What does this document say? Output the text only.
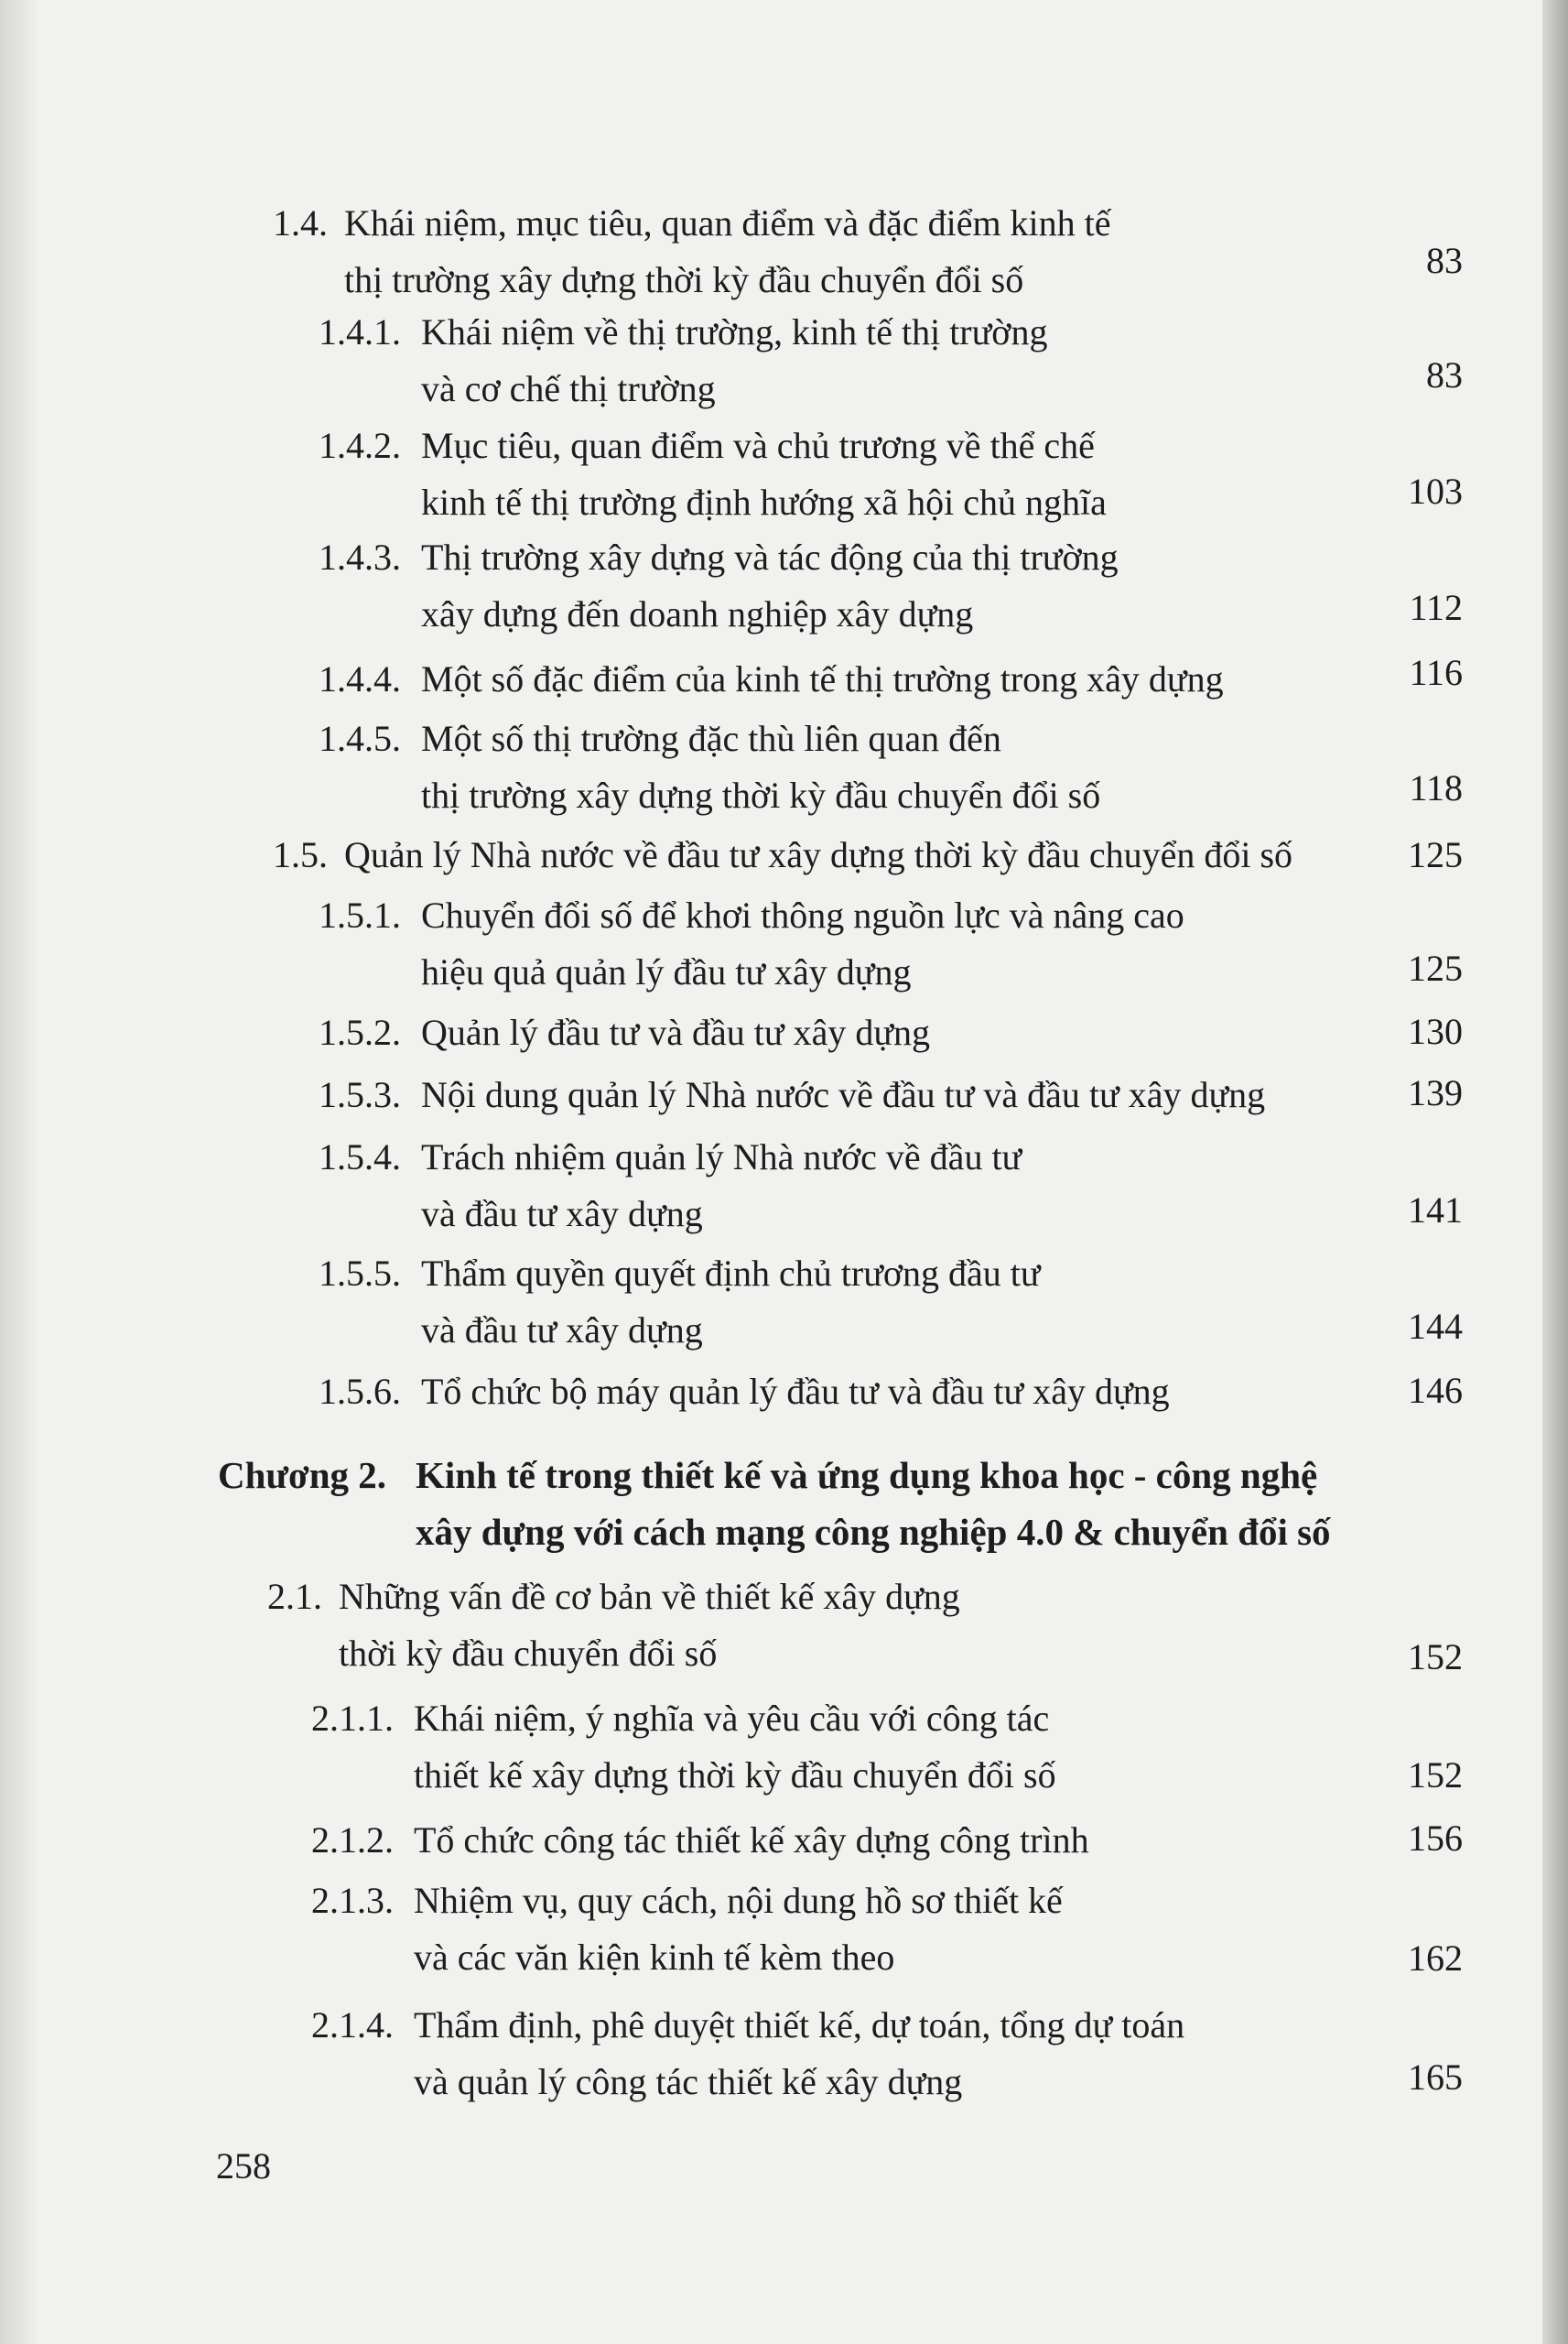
1.4. Khái niệm, mục tiêu, quan điểm và đặc điểm kinh tế
thị trường xây dựng thời kỳ đầu chuyển đổi số	83
1.4.1. Khái niệm về thị trường, kinh tế thị trường
và cơ chế thị trường	83
1.4.2. Mục tiêu, quan điểm và chủ trương về thể chế
kinh tế thị trường định hướng xã hội chủ nghĩa	103
1.4.3. Thị trường xây dựng và tác động của thị trường
xây dựng đến doanh nghiệp xây dựng	112
1.4.4. Một số đặc điểm của kinh tế thị trường trong xây dựng	116
1.4.5. Một số thị trường đặc thù liên quan đến
thị trường xây dựng thời kỳ đầu chuyển đổi số	118
1.5. Quản lý Nhà nước về đầu tư xây dựng thời kỳ đầu chuyển đổi số	125
1.5.1. Chuyển đổi số để khơi thông nguồn lực và nâng cao
hiệu quả quản lý đầu tư xây dựng	125
1.5.2. Quản lý đầu tư và đầu tư xây dựng	130
1.5.3. Nội dung quản lý Nhà nước về đầu tư và đầu tư xây dựng	139
1.5.4. Trách nhiệm quản lý Nhà nước về đầu tư
và đầu tư xây dựng	141
1.5.5. Thẩm quyền quyết định chủ trương đầu tư
và đầu tư xây dựng	144
1.5.6. Tổ chức bộ máy quản lý đầu tư và đầu tư xây dựng	146
Chương 2. Kinh tế trong thiết kế và ứng dụng khoa học - công nghệ
xây dựng với cách mạng công nghiệp 4.0 & chuyển đổi số
2.1. Những vấn đề cơ bản về thiết kế xây dựng
thời kỳ đầu chuyển đổi số	152
2.1.1. Khái niệm, ý nghĩa và yêu cầu với công tác
thiết kế xây dựng thời kỳ đầu chuyển đổi số	152
2.1.2. Tổ chức công tác thiết kế xây dựng công trình	156
2.1.3. Nhiệm vụ, quy cách, nội dung hồ sơ thiết kế
và các văn kiện kinh tế kèm theo	162
2.1.4. Thẩm định, phê duyệt thiết kế, dự toán, tổng dự toán
và quản lý công tác thiết kế xây dựng	165
258
